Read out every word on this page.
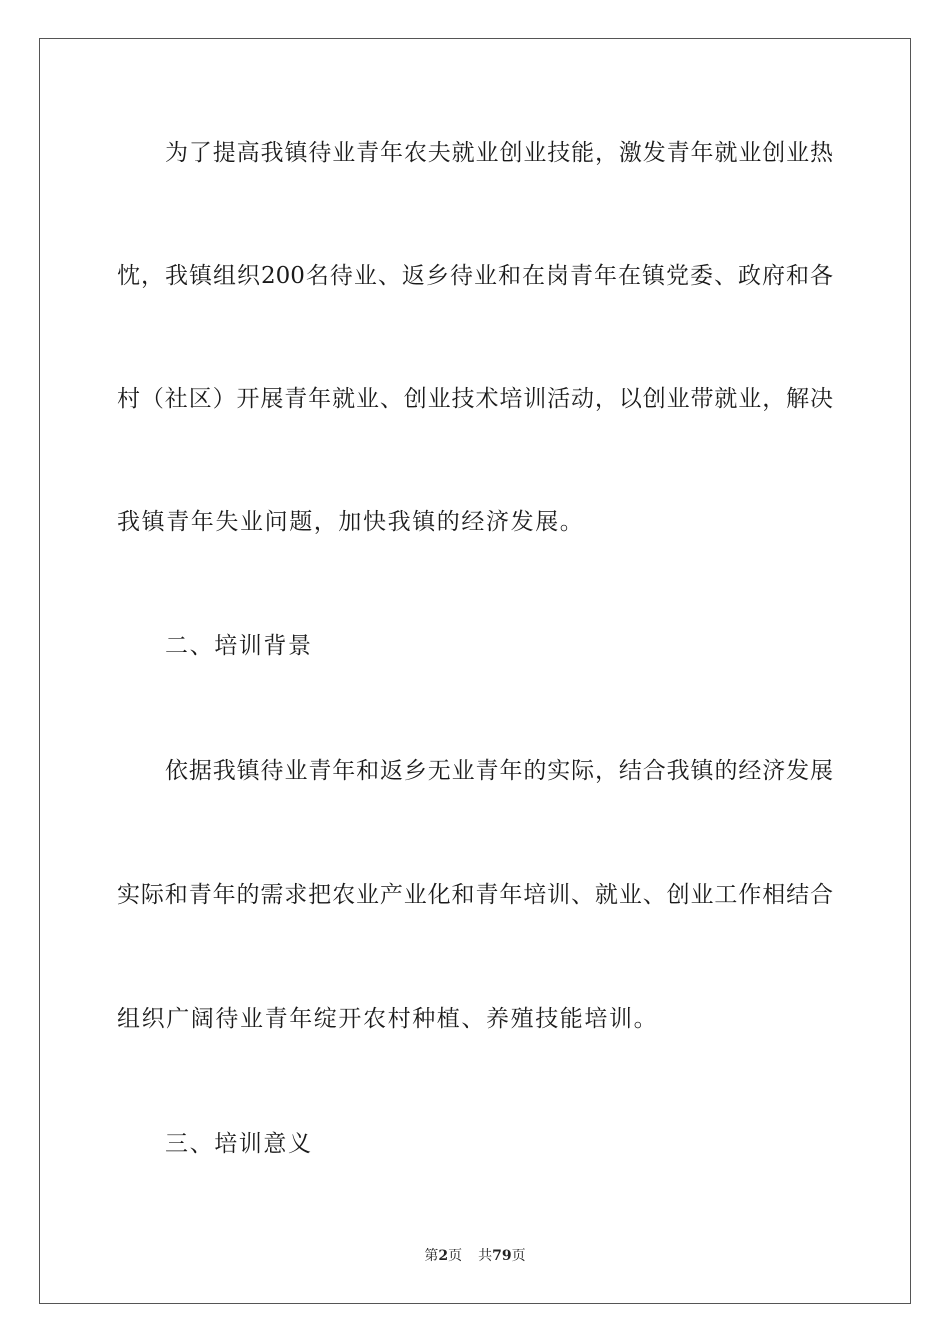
为了提高我镇待业青年农夫就业创业技能，激发青年就业创业热
忱，我镇组织200名待业、返乡待业和在岗青年在镇党委、政府和各
村（社区）开展青年就业、创业技术培训活动，以创业带就业，解决
我镇青年失业问题，加快我镇的经济发展。
二、培训背景
依据我镇待业青年和返乡无业青年的实际，结合我镇的经济发展
实际和青年的需求把农业产业化和青年培训、就业、创业工作相结合
组织广阔待业青年绽开农村种植、养殖技能培训。
三、培训意义
第2页 共79页
